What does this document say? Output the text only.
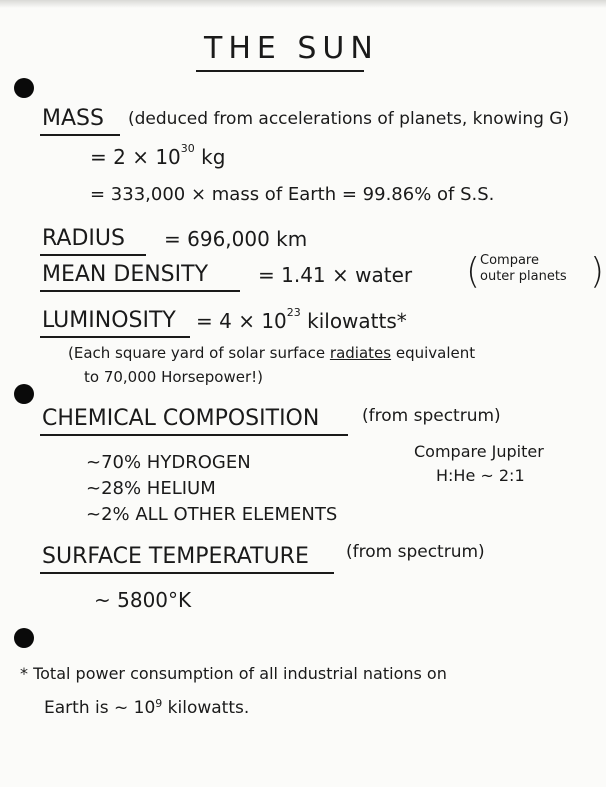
THE SUN
MASS (deduced from accelerations of planets, knowing G)
= $2 \times 10^{30}$ kg
= 333,000 × mass of Earth = 99.86% of S.S.
RADIUS = 696,000 km
MEAN DENSITY = 1.41 × water ( Compare
outer planets )
LUMINOSITY = $4 \times 10^{23}$ kilowatts*
(Each square yard of solar surface radiates equivalent
to 70,000 Horsepower!)
CHEMICAL COMPOSITION	(from spectrum)
~70% HYDROGEN
~28% HELIUM
~2% ALL OTHER ELEMENTS
Compare Jupiter
H:He ~ 2:1
SURFACE TEMPERATURE (from spectrum)
~ 5800°K
* Total power consumption of all industrial nations on
Earth is ~ $10^9$ kilowatts.
